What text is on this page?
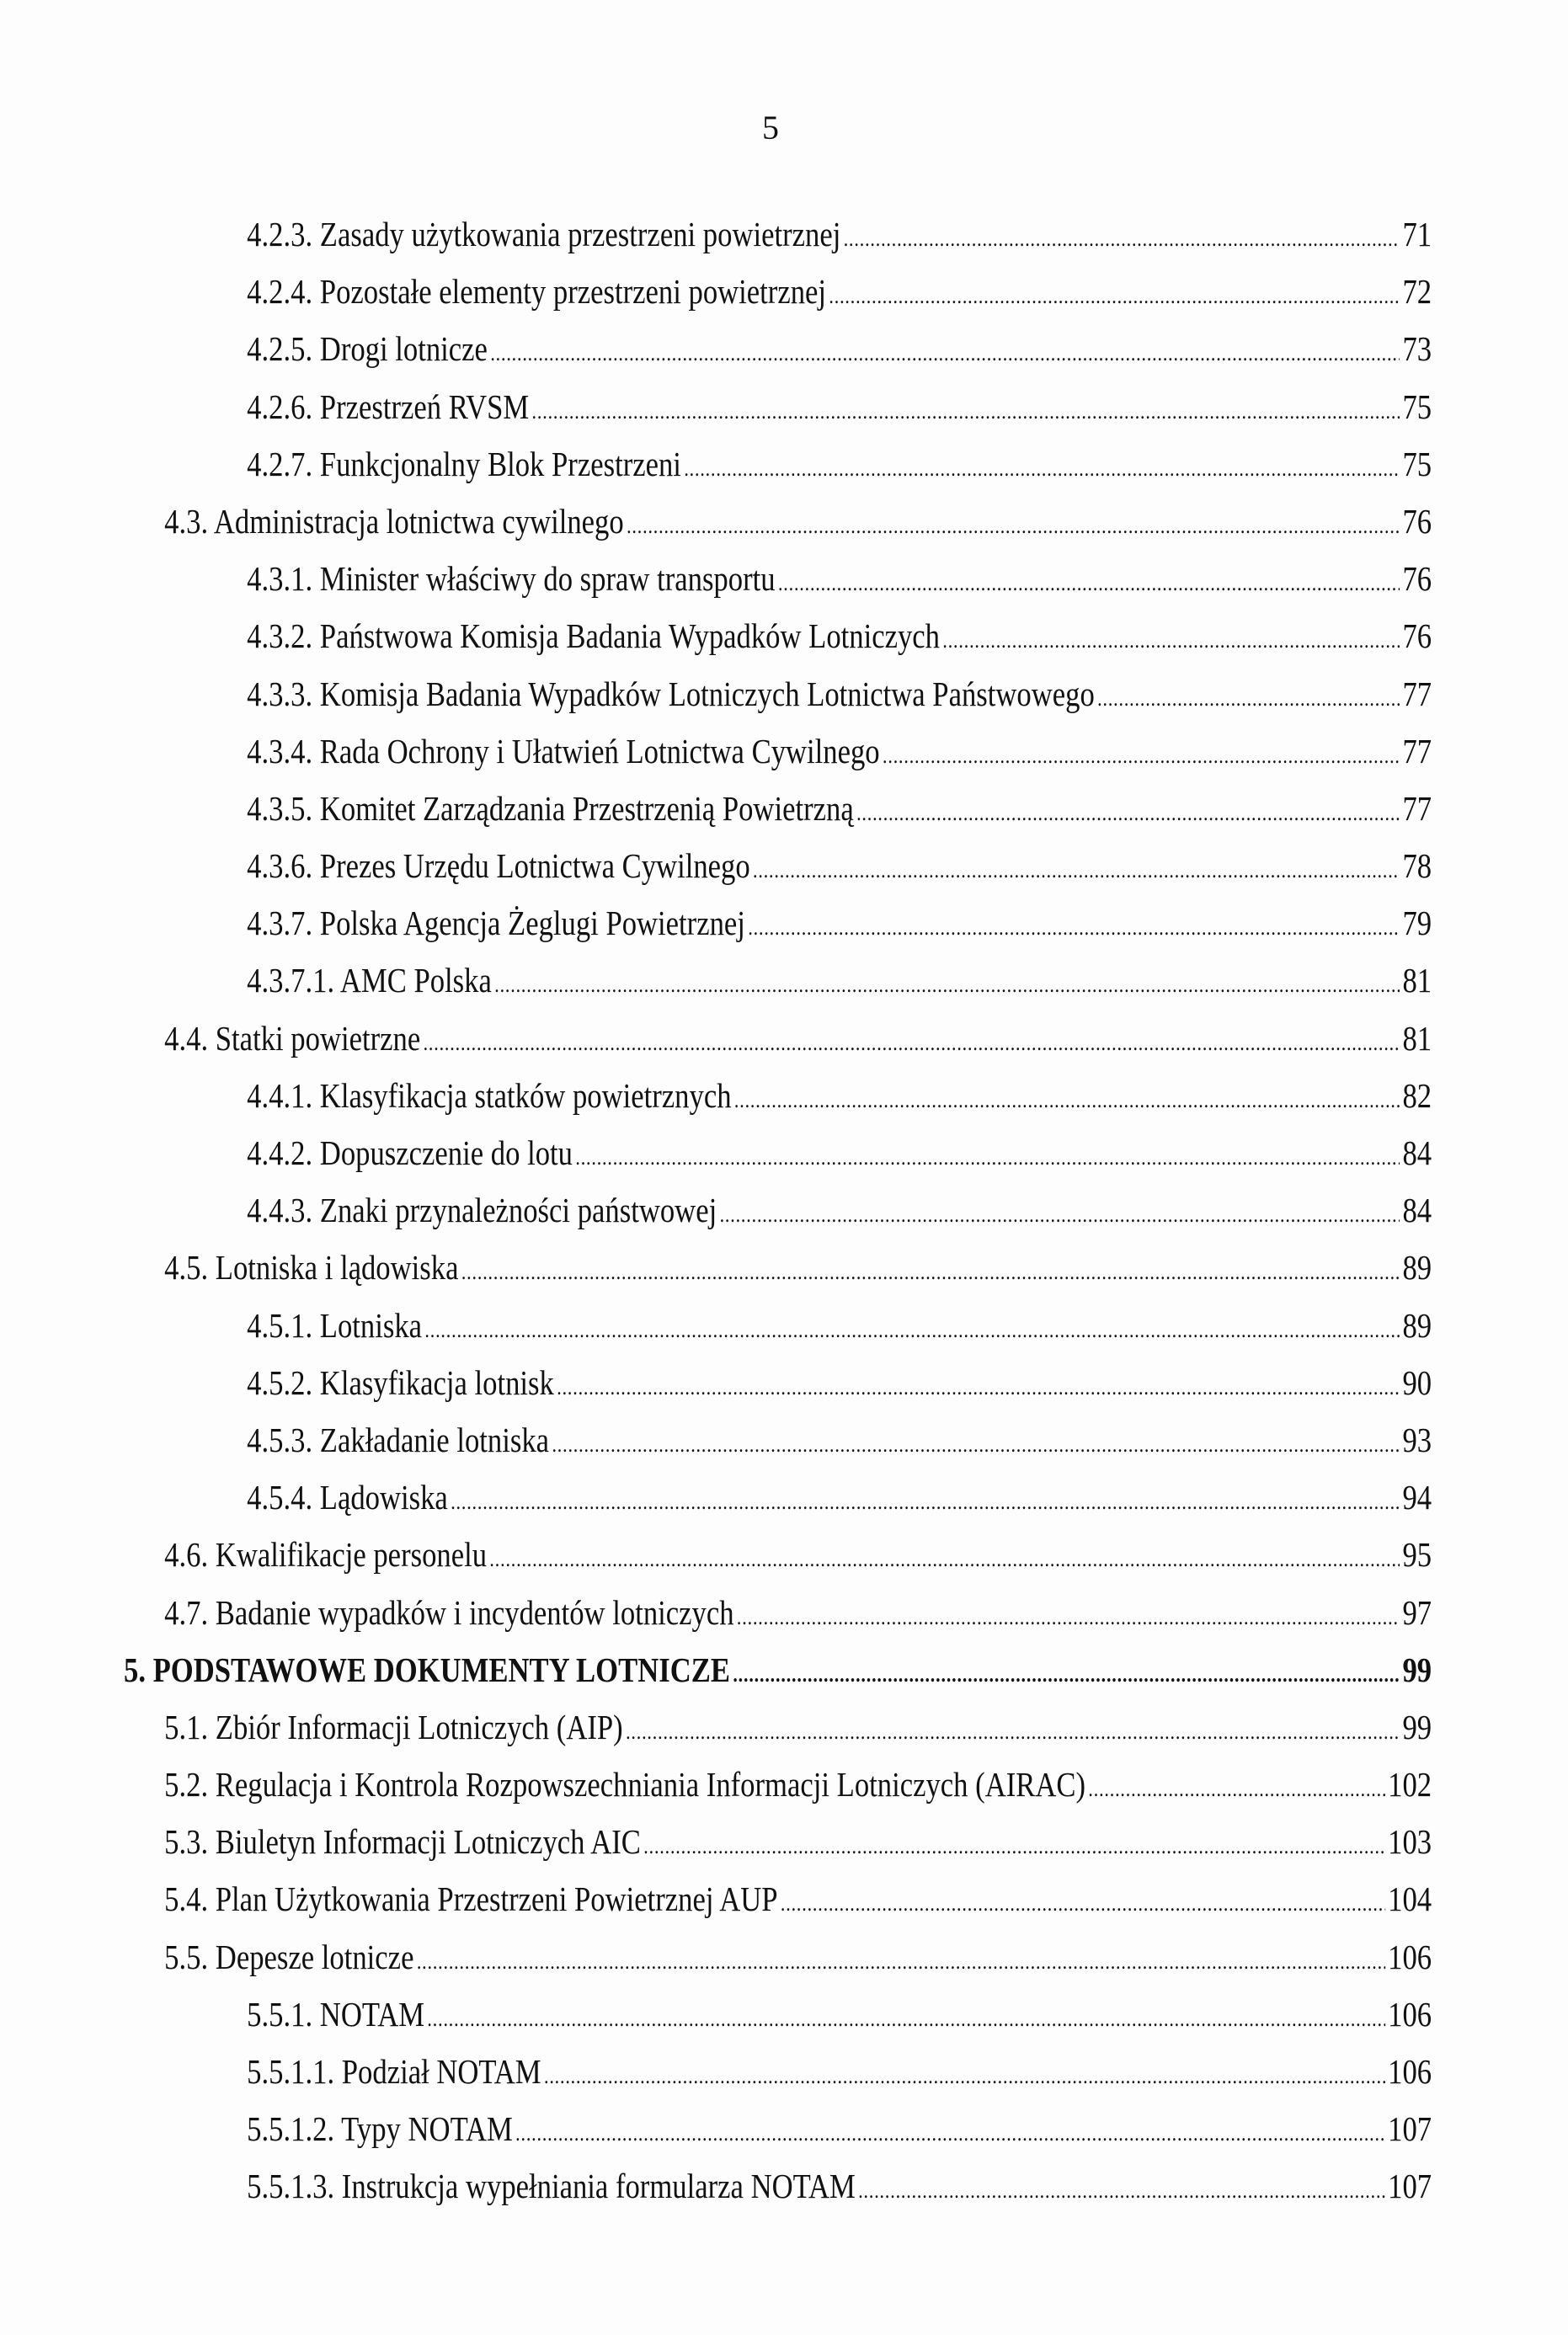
5
4.2.3. Zasady użytkowania przestrzeni powietrznej .....	71
4.2.4. Pozostałe elementy przestrzeni powietrznej .....	72
4.2.5. Drogi lotnicze .....	73
4.2.6. Przestrzeń RVSM .....	75
4.2.7. Funkcjonalny Blok Przestrzeni .....	75
4.3. Administracja lotnictwa cywilnego .....	76
4.3.1. Minister właściwy do spraw transportu .....	76
4.3.2. Państwowa Komisja Badania Wypadków Lotniczych .....	76
4.3.3. Komisja Badania Wypadków Lotniczych Lotnictwa Państwowego .....	77
4.3.4. Rada Ochrony i Ułatwień Lotnictwa Cywilnego .....	77
4.3.5. Komitet Zarządzania Przestrzenią Powietrzną .....	77
4.3.6. Prezes Urzędu Lotnictwa Cywilnego .....	78
4.3.7. Polska Agencja Żeglugi Powietrznej .....	79
4.3.7.1. AMC Polska .....	81
4.4. Statki powietrzne .....	81
4.4.1. Klasyfikacja statków powietrznych .....	82
4.4.2. Dopuszczenie do lotu .....	84
4.4.3. Znaki przynależności państwowej .....	84
4.5. Lotniska i lądowiska .....	89
4.5.1. Lotniska .....	89
4.5.2. Klasyfikacja lotnisk .....	90
4.5.3. Zakładanie lotniska .....	93
4.5.4. Lądowiska .....	94
4.6. Kwalifikacje personelu .....	95
4.7. Badanie wypadków i incydentów lotniczych .....	97
5. PODSTAWOWE DOKUMENTY LOTNICZE .....	99
5.1. Zbiór Informacji Lotniczych (AIP) .....	99
5.2. Regulacja i Kontrola Rozpowszechniania Informacji Lotniczych (AIRAC) .....	102
5.3. Biuletyn Informacji Lotniczych AIC .....	103
5.4. Plan Użytkowania Przestrzeni Powietrznej AUP .....	104
5.5. Depesze lotnicze .....	106
5.5.1. NOTAM .....	106
5.5.1.1. Podział NOTAM .....	106
5.5.1.2. Typy NOTAM .....	107
5.5.1.3. Instrukcja wypełniania formularza NOTAM .....	107
